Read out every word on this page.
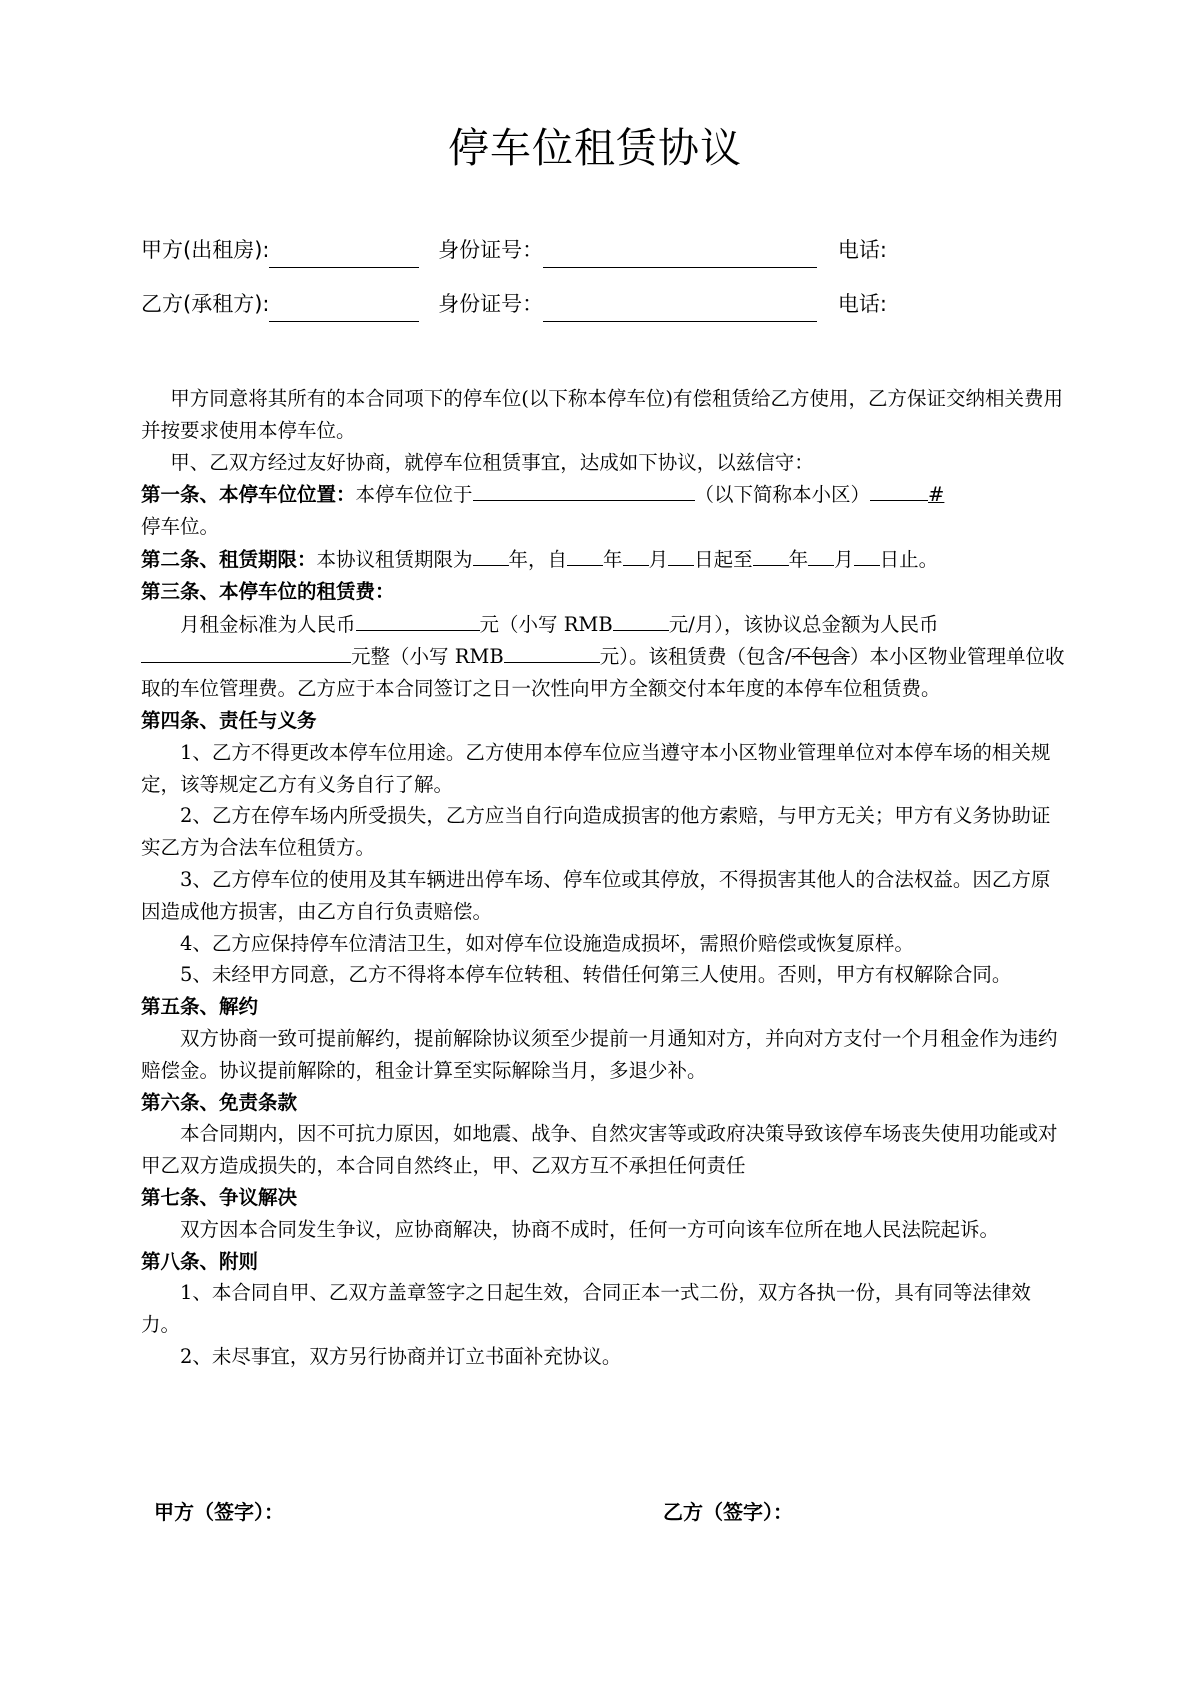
停车位租赁协议
甲方(出租房):	身份证号：	电话:
乙方(承租方):	身份证号：	电话:

甲方同意将其所有的本合同项下的停车位(以下称本停车位)有偿租赁给乙方使用，乙方保证交纳相关费用并按要求使用本停车位。

甲、乙双方经过友好协商，就停车位租赁事宜，达成如下协议，以兹信守：

第一条、本停车位位置：本停车位位于	（以下简称本小区）	#
停车位。

第二条、租赁期限：本协议租赁期限为 年，自 年 月 日起至 年 月 日止。

第三条、本停车位的租赁费：

月租金标准为人民币	元（小写 RMB	元/月），该协议总金额为人民币

元整（小写 RMB	元）。该租赁费（包含/不包含）本小区物业管理单位收取的车位管理费。乙方应于本合同签订之日一次性向甲方全额交付本年度的本停车位租赁费。

第四条、责任与义务

1、乙方不得更改本停车位用途。乙方使用本停车位应当遵守本小区物业管理单位对本停车场的相关规定，该等规定乙方有义务自行了解。

2、乙方在停车场内所受损失，乙方应当自行向造成损害的他方索赔，与甲方无关；甲方有义务协助证实乙方为合法车位租赁方。

3、乙方停车位的使用及其车辆进出停车场、停车位或其停放，不得损害其他人的合法权益。因乙方原因造成他方损害，由乙方自行负责赔偿。

4、乙方应保持停车位清洁卫生，如对停车位设施造成损坏，需照价赔偿或恢复原样。

5、未经甲方同意，乙方不得将本停车位转租、转借任何第三人使用。否则，甲方有权解除合同。

第五条、解约

双方协商一致可提前解约，提前解除协议须至少提前一月通知对方，并向对方支付一个月租金作为违约赔偿金。协议提前解除的，租金计算至实际解除当月，多退少补。

第六条、免责条款

本合同期内，因不可抗力原因，如地震、战争、自然灾害等或政府决策导致该停车场丧失使用功能或对甲乙双方造成损失的，本合同自然终止，甲、乙双方互不承担任何责任

第七条、争议解决

双方因本合同发生争议，应协商解决，协商不成时，任何一方可向该车位所在地人民法院起诉。

第八条、附则

1、本合同自甲、乙双方盖章签字之日起生效，合同正本一式二份，双方各执一份，具有同等法律效力。

2、未尽事宜，双方另行协商并订立书面补充协议。

甲方（签字）：	乙方（签字）：
